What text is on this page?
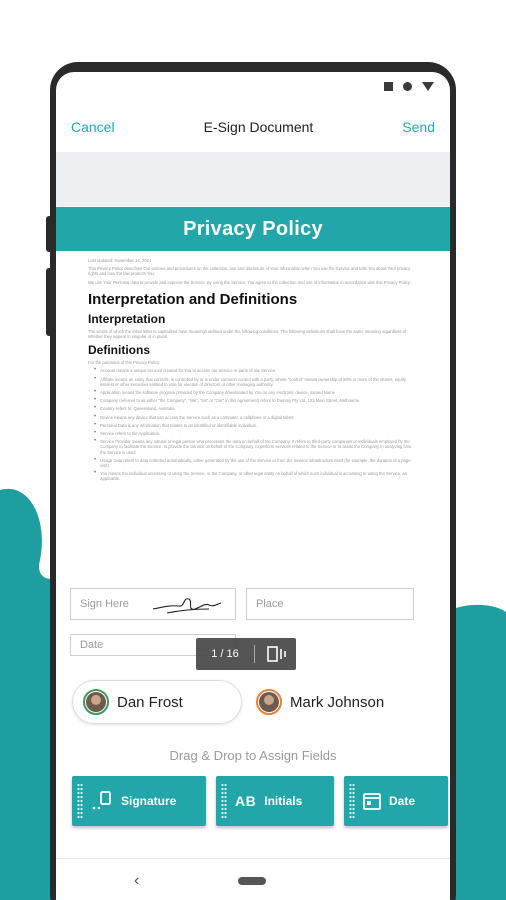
Cancel	E-Sign Document	Send
Privacy Policy
Last updated: November 14, 2021
This Privacy Policy describes Our policies and procedures on the collection, use and disclosure of Your information when You use the Service and tells You about Your privacy rights and how the law protects You.
We use Your Personal data to provide and improve the Service. By using the Service, You agree to the collection and use of information in accordance with this Privacy Policy.
Interpretation and Definitions
Interpretation
The words of which the initial letter is capitalized have meanings defined under the following conditions. The following definitions shall have the same meaning regardless of whether they appear in singular or in plural.
Definitions
For the purposes of this Privacy Policy:
• Account means a unique account created for You to access our Service or parts of our Service.
• Affiliate means an entity that controls, is controlled by or is under common control with a party, where "control" means ownership of 50% or more of the shares, equity interest or other securities entitled to vote for election of directors or other managing authority.
• Application means the software program provided by the Company downloaded by You on any electronic device, named Name
• Company (referred to as either "the Company", "We", "Us" or "Our" in this Agreement) refers to Dummy Pty Ltd, 123 Main Street, Melbourne.
• Country refers to: Queensland, Australia
• Device means any device that can access the Service such as a computer, a cellphone or a digital tablet.
• Personal Data is any information that relates to an identified or identifiable individual.
• Service refers to the Application.
• Service Provider means any natural or legal person who processes the data on behalf of the Company. It refers to third-party companies or individuals employed by the Company to facilitate the Service, to provide the Service on behalf of the Company, to perform services related to the Service or to assist the Company in analyzing how the Service is used.
• Usage Data refers to data collected automatically, either generated by the use of the Service or from the Service infrastructure itself (for example, the duration of a page visit).
• You means the individual accessing or using the Service, or the Company, or other legal entity on behalf of which such individual is accessing or using the Service, as applicable.
Sign Here	Place
Date
1 / 16
Dan Frost	Mark Johnson
Drag & Drop to Assign Fields
Signature	AB Initials	Date
‹
